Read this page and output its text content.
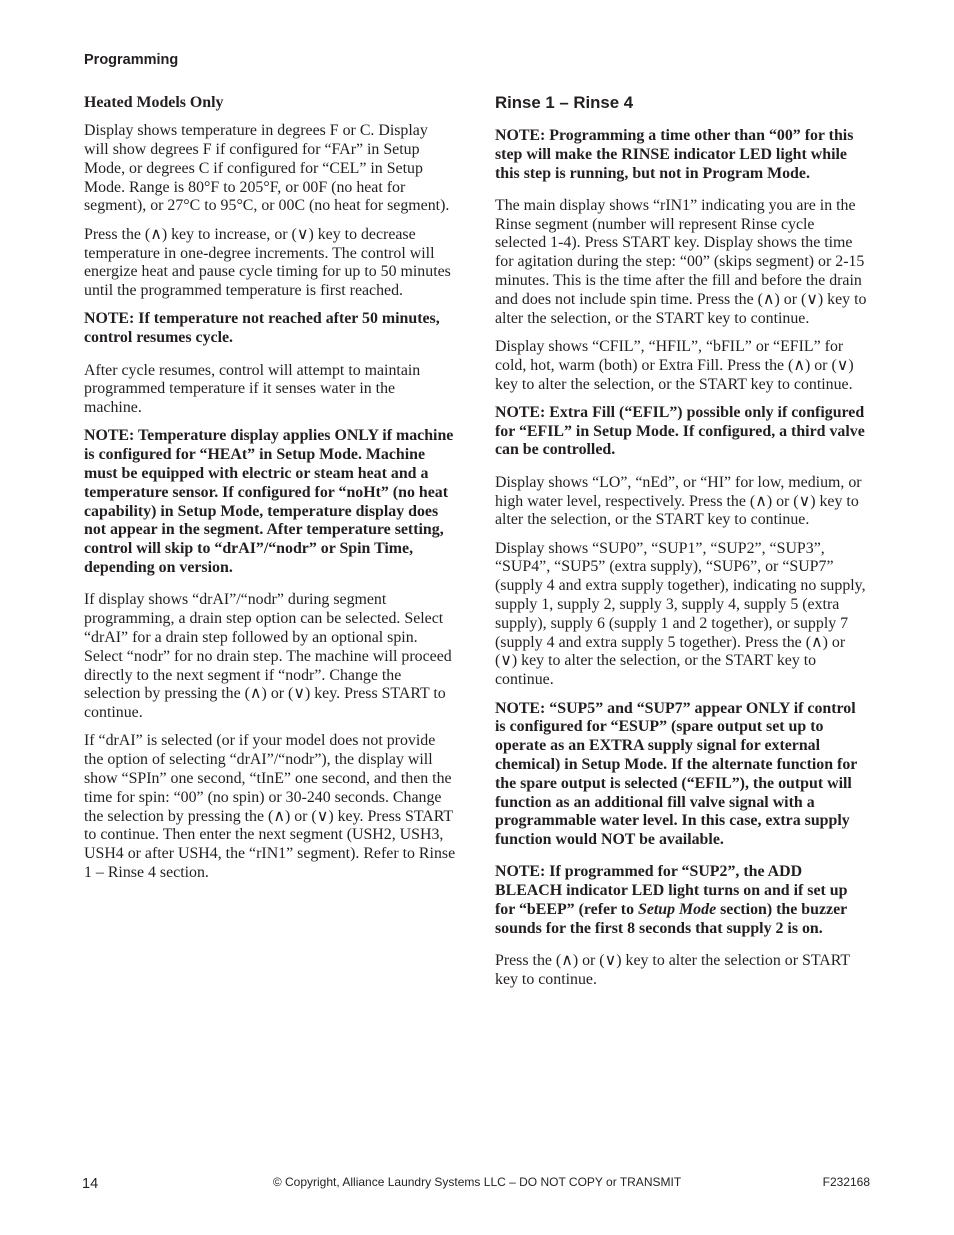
Programming
Heated Models Only

Display shows temperature in degrees F or C. Display will show degrees F if configured for “FAr” in Setup Mode, or degrees C if configured for “CEL” in Setup Mode. Range is 80°F to 205°F, or 00F (no heat for segment), or 27°C to 95°C, or 00C (no heat for segment).

Press the (∧) key to increase, or (∨) key to decrease temperature in one-degree increments. The control will energize heat and pause cycle timing for up to 50 minutes until the programmed temperature is first reached.

NOTE: If temperature not reached after 50 minutes, control resumes cycle.

After cycle resumes, control will attempt to maintain programmed temperature if it senses water in the machine.

NOTE: Temperature display applies ONLY if machine is configured for “HEAt” in Setup Mode. Machine must be equipped with electric or steam heat and a temperature sensor. If configured for “noHt” (no heat capability) in Setup Mode, temperature display does not appear in the segment. After temperature setting, control will skip to “drAI”/“nodr” or Spin Time, depending on version.

If display shows “drAI”/“nodr” during segment programming, a drain step option can be selected. Select “drAI” for a drain step followed by an optional spin. Select “nodr” for no drain step. The machine will proceed directly to the next segment if “nodr”. Change the selection by pressing the (∧) or (∨) key. Press START to continue.

If “drAI” is selected (or if your model does not provide the option of selecting “drAI”/“nodr”), the display will show “SPIn” one second, “tInE” one second, and then the time for spin: “00” (no spin) or 30-240 seconds. Change the selection by pressing the (∧) or (∨) key. Press START to continue. Then enter the next segment (USH2, USH3, USH4 or after USH4, the “rIN1” segment). Refer to Rinse 1 – Rinse 4 section.

Rinse 1 – Rinse 4

NOTE: Programming a time other than “00” for this step will make the RINSE indicator LED light while this step is running, but not in Program Mode.

The main display shows “rIN1” indicating you are in the Rinse segment (number will represent Rinse cycle selected 1-4). Press START key. Display shows the time for agitation during the step: “00” (skips segment) or 2-15 minutes. This is the time after the fill and before the drain and does not include spin time. Press the (∧) or (∨) key to alter the selection, or the START key to continue.

Display shows “CFIL”, “HFIL”, “bFIL” or “EFIL” for cold, hot, warm (both) or Extra Fill. Press the (∧) or (∨) key to alter the selection, or the START key to continue.

NOTE: Extra Fill (“EFIL”) possible only if configured for “EFIL” in Setup Mode. If configured, a third valve can be controlled.

Display shows “LO”, “nEd”, or “HI” for low, medium, or high water level, respectively. Press the (∧) or (∨) key to alter the selection, or the START key to continue.

Display shows “SUP0”, “SUP1”, “SUP2”, “SUP3”, “SUP4”, “SUP5” (extra supply), “SUP6”, or “SUP7” (supply 4 and extra supply together), indicating no supply, supply 1, supply 2, supply 3, supply 4, supply 5 (extra supply), supply 6 (supply 1 and 2 together), or supply 7 (supply 4 and extra supply 5 together). Press the (∧) or (∨) key to alter the selection, or the START key to continue.

NOTE: “SUP5” and “SUP7” appear ONLY if control is configured for “ESUP” (spare output set up to operate as an EXTRA supply signal for external chemical) in Setup Mode. If the alternate function for the spare output is selected (“EFIL”), the output will function as an additional fill valve signal with a programmable water level. In this case, extra supply function would NOT be available.

NOTE: If programmed for “SUP2”, the ADD BLEACH indicator LED light turns on and if set up for “bEEP” (refer to Setup Mode section) the buzzer sounds for the first 8 seconds that supply 2 is on.

Press the (∧) or (∨) key to alter the selection or START key to continue.

14	© Copyright, Alliance Laundry Systems LLC – DO NOT COPY or TRANSMIT	F232168
